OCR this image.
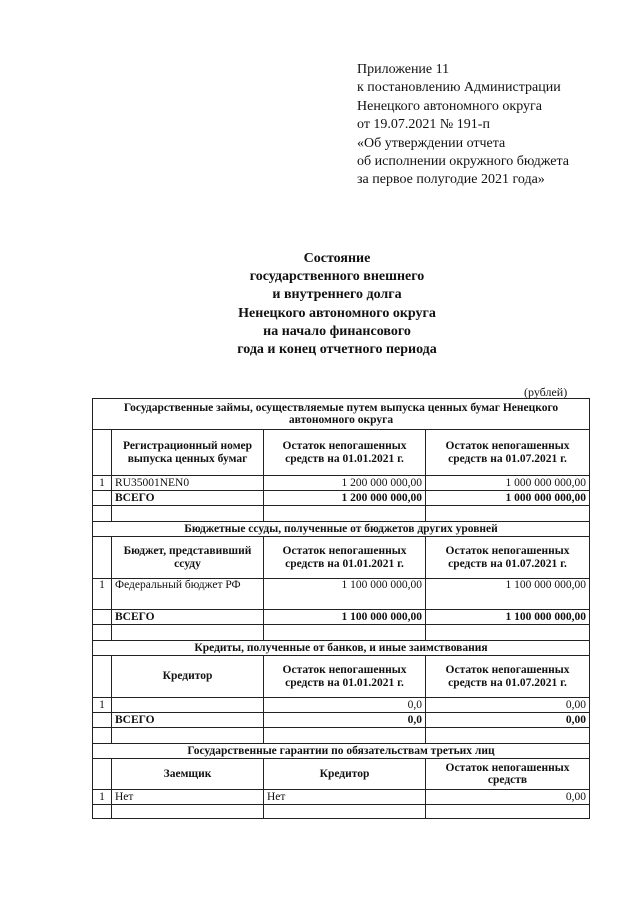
Приложение 11
к постановлению Администрации
Ненецкого автономного округа
от 19.07.2021 № 191-п
«Об утверждении отчета
об исполнении окружного бюджета
за первое полугодие 2021 года»
Состояние
государственного внешнего
и внутреннего долга
Ненецкого автономного округа
на начало финансового
года и конец отчетного периода
(рублей)
Государственные займы, осуществляемые путем выпуска ценных бумаг Ненецкого автономного округа			
	Регистрационный номер выпуска ценных бумаг	Остаток непогашенных средств на 01.01.2021 г.	Остаток непогашенных средств на 01.07.2021 г.
1	RU35001NEN0	1 200 000 000,00	1 000 000 000,00
	ВСЕГО	1 200 000 000,00	1 000 000 000,00

Бюджетные ссуды, полученные от бюджетов других уровней			
	Бюджет, представивший ссуду	Остаток непогашенных средств на 01.01.2021 г.	Остаток непогашенных средств на 01.07.2021 г.
1	Федеральный бюджет РФ	1 100 000 000,00	1 100 000 000,00
	ВСЕГО	1 100 000 000,00	1 100 000 000,00

Кредиты, полученные от банков, и иные заимствования			
	Кредитор	Остаток непогашенных средств на 01.01.2021 г.	Остаток непогашенных средств на 01.07.2021 г.
1		0,0	0,00
	ВСЕГО	0,0	0,00

Государственные гарантии по обязательствам третьих лиц			
	Заемщик	Кредитор	Остаток непогашенных средств
1	Нет	Нет	0,00
